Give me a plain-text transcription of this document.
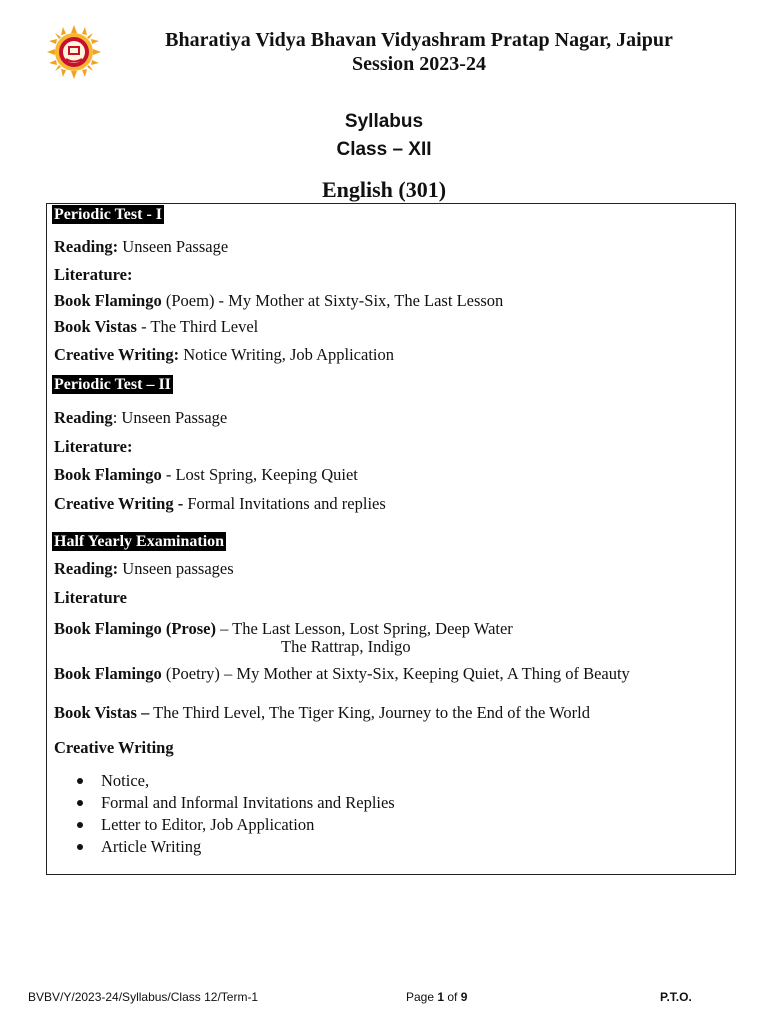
Bharatiya Vidya Bhavan Vidyashram Pratap Nagar, Jaipur
Session 2023-24
Syllabus
Class – XII
English (301)
Periodic Test - I
Reading: Unseen Passage
Literature:
Book Flamingo (Poem) - My Mother at Sixty-Six, The Last Lesson
Book Vistas - The Third Level
Creative Writing: Notice Writing, Job Application
Periodic Test – II
Reading: Unseen Passage
Literature:
Book Flamingo - Lost Spring, Keeping Quiet
Creative Writing - Formal Invitations and replies
Half Yearly Examination
Reading: Unseen passages
Literature
Book Flamingo (Prose) – The Last Lesson, Lost Spring, Deep Water
The Rattrap, Indigo
Book Flamingo (Poetry) – My Mother at Sixty-Six, Keeping Quiet, A Thing of Beauty
Book Vistas – The Third Level, The Tiger King, Journey to the End of the World
Creative Writing
Notice,
Formal and Informal Invitations and Replies
Letter to Editor, Job Application
Article Writing
BVBV/Y/2023-24/Syllabus/Class 12/Term-1	Page 1 of 9	P.T.O.
